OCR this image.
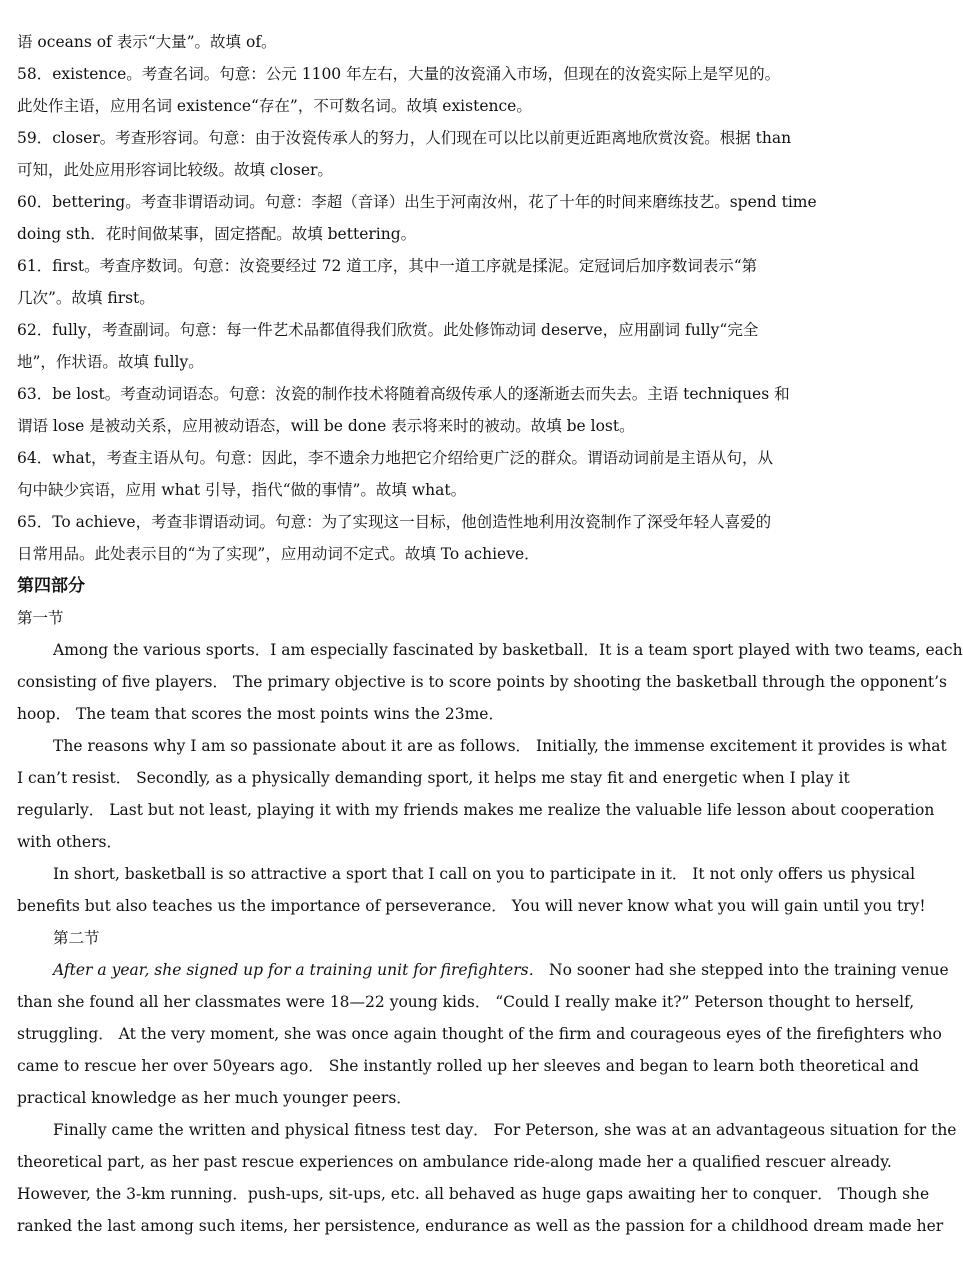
语 oceans of 表示“大量”。故填 of。
58．existence。考查名词。句意：公元 1100 年左右，大量的汝瓷涌入市场，但现在的汝瓷实际上是罕见的。
此处作主语，应用名词 existence“存在”，不可数名词。故填 existence。
59．closer。考查形容词。句意：由于汝瓷传承人的努力，人们现在可以比以前更近距离地欣赏汝瓷。根据 than
可知，此处应用形容词比较级。故填 closer。
60．bettering。考查非谓语动词。句意：李超（音译）出生于河南汝州，花了十年的时间来磨练技艺。spend time
doing sth．花时间做某事，固定搭配。故填 bettering。
61．first。考查序数词。句意：汝瓷要经过 72 道工序，其中一道工序就是揉泥。定冠词后加序数词表示“第
几次”。故填 first。
62．fully，考查副词。句意：每一件艺术品都值得我们欣赏。此处修饰动词 deserve，应用副词 fully“完全
地”，作状语。故填 fully。
63．be lost。考查动词语态。句意：汝瓷的制作技术将随着高级传承人的逐渐逝去而失去。主语 techniques 和
谓语 lose 是被动关系，应用被动语态，will be done 表示将来时的被动。故填 be lost。
64．what，考查主语从句。句意：因此，李不遗余力地把它介绍给更广泛的群众。谓语动词前是主语从句，从
句中缺少宾语，应用 what 引导，指代“做的事情”。故填 what。
65．To achieve，考查非谓语动词。句意：为了实现这一目标，他创造性地利用汝瓷制作了深受年轻人喜爱的
日常用品。此处表示目的“为了实现”，应用动词不定式。故填 To achieve．
第四部分
第一节
Among the various sports．I am especially fascinated by basketball．It is a team sport played with two teams, each
consisting of five players． The primary objective is to score points by shooting the basketball through the opponent’s
hoop． The team that scores the most points wins the 23me．
The reasons why I am so passionate about it are as follows． Initially, the immense excitement it provides is what
I can’t resist． Secondly, as a physically demanding sport, it helps me stay fit and energetic when I play it
regularly． Last but not least, playing it with my friends makes me realize the valuable life lesson about cooperation
with others．
In short, basketball is so attractive a sport that I call on you to participate in it． It not only offers us physical
benefits but also teaches us the importance of perseverance． You will never know what you will gain until you try!
第二节
After a year, she signed up for a training unit for firefighters． No sooner had she stepped into the training venue
than she found all her classmates were 18—22 young kids． “Could I really make it?” Peterson thought to herself,
struggling． At the very moment, she was once again thought of the firm and courageous eyes of the firefighters who
came to rescue her over 50years ago． She instantly rolled up her sleeves and began to learn both theoretical and
practical knowledge as her much younger peers．
Finally came the written and physical fitness test day． For Peterson, she was at an advantageous situation for the
theoretical part, as her past rescue experiences on ambulance ride-along made her a qualified rescuer already.
However, the 3-km running．push-ups, sit-ups, etc. all behaved as huge gaps awaiting her to conquer． Though she
ranked the last among such items, her persistence, endurance as well as the passion for a childhood dream made her
